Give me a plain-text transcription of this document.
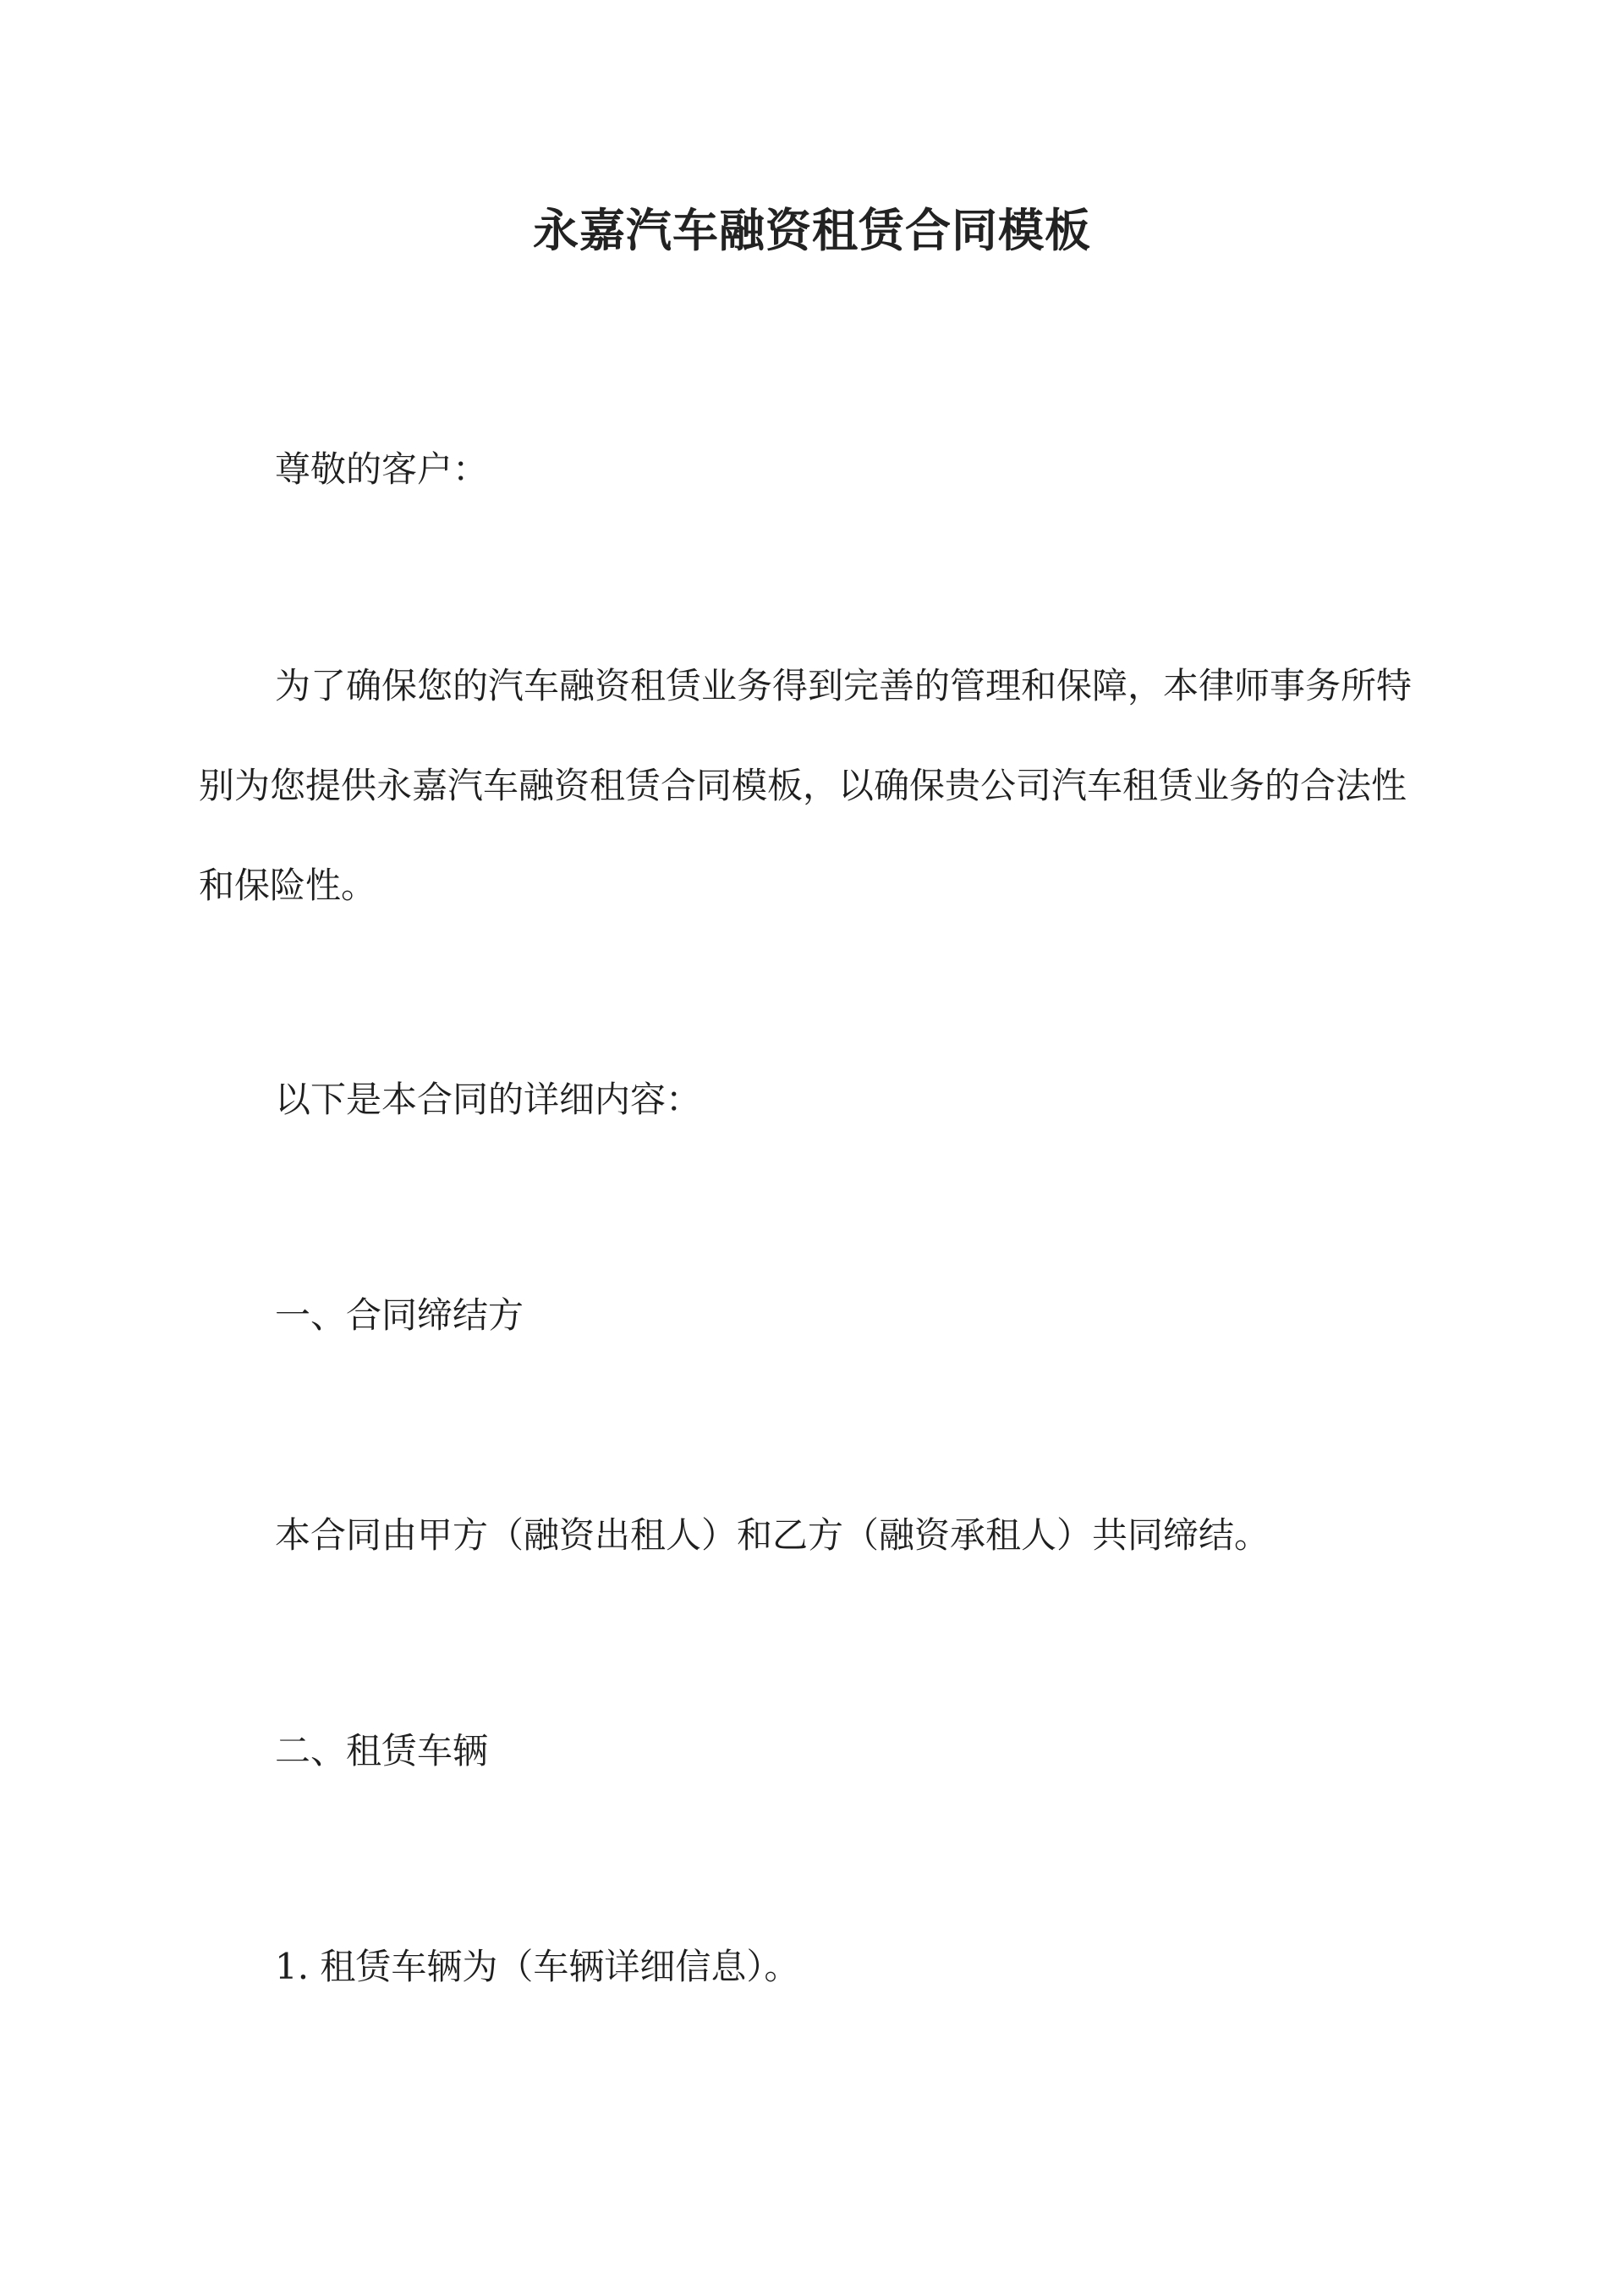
永嘉汽车融资租赁合同模板

尊敬的客户：

为了确保您的汽车融资租赁业务得到完善的管理和保障，本律师事务所特别为您提供永嘉汽车融资租赁合同模板，以确保贵公司汽车租赁业务的合法性和保险性。

以下是本合同的详细内容：

一、合同缔结方

本合同由甲方（融资出租人）和乙方（融资承租人）共同缔结。

二、租赁车辆

1. 租赁车辆为（车辆详细信息）。
